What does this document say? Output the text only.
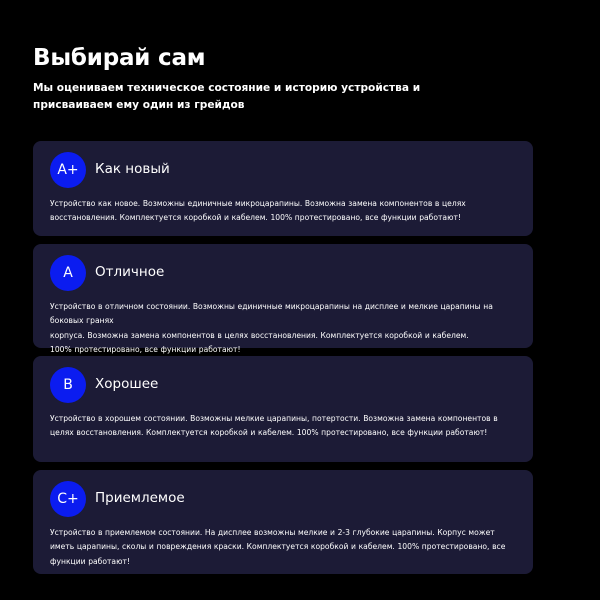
Выбирай сам

Мы оцениваем техническое состояние и историю устройства и присваиваем ему один из грейдов

A+	Как новый

Устройство как новое. Возможны единичные микроцарапины. Возможна замена компонентов в целях восстановления. Комплектуется коробкой и кабелем. 100% протестировано, все функции работают!

A	Отличное

Устройство в отличном состоянии. Возможны единичные микроцарапины на дисплее и мелкие царапины на боковых гранях
корпуса. Возможна замена компонентов в целях восстановления. Комплектуется коробкой и кабелем.
100% протестировано, все функции работают!

B	Хорошее

Устройство в хорошем состоянии. Возможны мелкие царапины, потертости. Возможна замена компонентов в целях восстановления. Комплектуется коробкой и кабелем. 100% протестировано, все функции работают!

C+	Приемлемое

Устройство в приемлемом состоянии. На дисплее возможны мелкие и 2-3 глубокие царапины. Корпус может иметь царапины, сколы и повреждения краски. Комплектуется коробкой и кабелем. 100% протестировано, все функции работают!
